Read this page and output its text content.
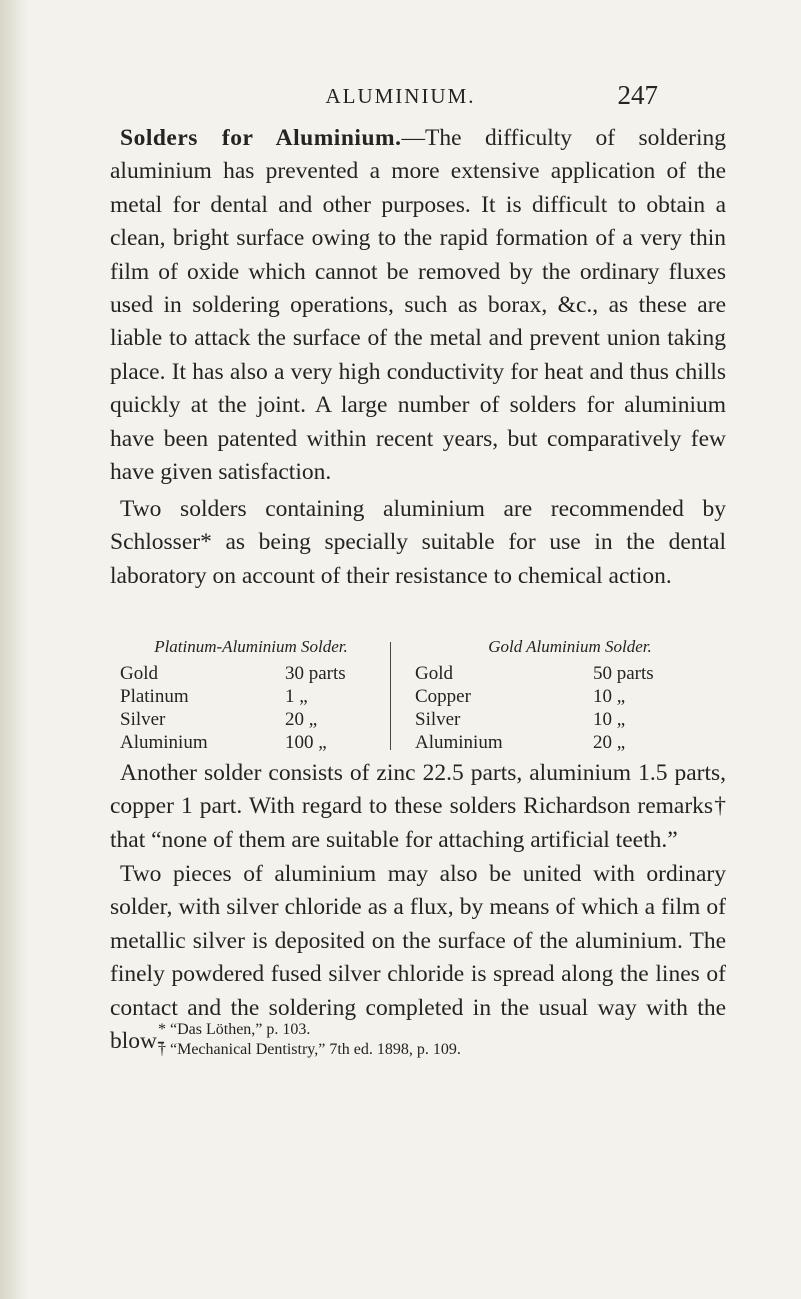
ALUMINIUM.	247

Solders for Aluminium.—The difficulty of soldering aluminium has prevented a more extensive application of the metal for dental and other purposes. It is difficult to obtain a clean, bright surface owing to the rapid formation of a very thin film of oxide which cannot be removed by the ordinary fluxes used in soldering operations, such as borax, &c., as these are liable to attack the surface of the metal and prevent union taking place. It has also a very high conductivity for heat and thus chills quickly at the joint. A large number of solders for aluminium have been patented within recent years, but comparatively few have given satisfaction.

Two solders containing aluminium are recommended by Schlosser* as being specially suitable for use in the dental laboratory on account of their resistance to chemical action.

Platinum-Aluminium Solder.
Gold	30 parts
Platinum	1 „
Silver	20 „
Aluminium	100 „
Gold Aluminium Solder.
Gold	50 parts
Copper	10 „
Silver	10 „
Aluminium	20 „

Another solder consists of zinc 22.5 parts, aluminium 1.5 parts, copper 1 part. With regard to these solders Richardson remarks† that “none of them are suitable for attaching artificial teeth.”

Two pieces of aluminium may also be united with ordinary solder, with silver chloride as a flux, by means of which a film of metallic silver is deposited on the surface of the aluminium. The finely powdered fused silver chloride is spread along the lines of contact and the soldering completed in the usual way with the blow-

* “Das Löthen,” p. 103.
† “Mechanical Dentistry,” 7th ed. 1898, p. 109.
